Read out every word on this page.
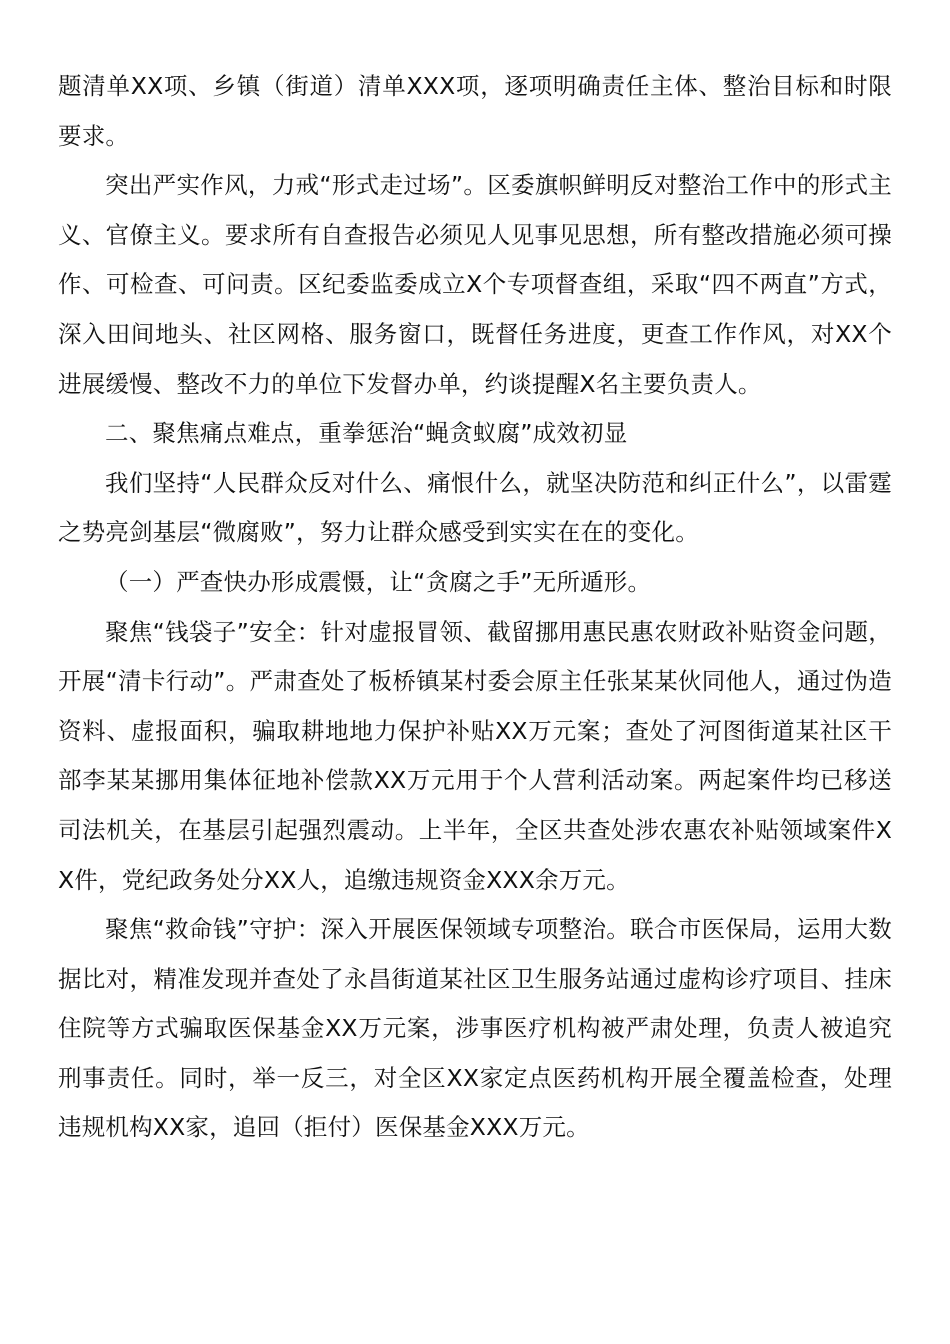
题清单XX项、乡镇（街道）清单XXX项，逐项明确责任主体、整治目标和时限要求。

突出严实作风，力戒“形式走过场”。区委旗帜鲜明反对整治工作中的形式主义、官僚主义。要求所有自查报告必须见人见事见思想，所有整改措施必须可操作、可检查、可问责。区纪委监委成立X个专项督查组，采取“四不两直”方式，深入田间地头、社区网格、服务窗口，既督任务进度，更查工作作风，对XX个进展缓慢、整改不力的单位下发督办单，约谈提醒X名主要负责人。

二、聚焦痛点难点，重拳惩治“蝇贪蚁腐”成效初显

我们坚持“人民群众反对什么、痛恨什么，就坚决防范和纠正什么”，以雷霆之势亮剑基层“微腐败”，努力让群众感受到实实在在的变化。

（一）严查快办形成震慑，让“贪腐之手”无所遁形。

聚焦“钱袋子”安全：针对虚报冒领、截留挪用惠民惠农财政补贴资金问题，开展“清卡行动”。严肃查处了板桥镇某村委会原主任张某某伙同他人，通过伪造资料、虚报面积，骗取耕地地力保护补贴XX万元案；查处了河图街道某社区干部李某某挪用集体征地补偿款XX万元用于个人营利活动案。两起案件均已移送司法机关，在基层引起强烈震动。上半年，全区共查处涉农惠农补贴领域案件XX件，党纪政务处分XX人，追缴违规资金XXX余万元。

聚焦“救命钱”守护：深入开展医保领域专项整治。联合市医保局，运用大数据比对，精准发现并查处了永昌街道某社区卫生服务站通过虚构诊疗项目、挂床住院等方式骗取医保基金XX万元案，涉事医疗机构被严肃处理，负责人被追究刑事责任。同时，举一反三，对全区XX家定点医药机构开展全覆盖检查，处理违规机构XX家，追回（拒付）医保基金XXX万元。
